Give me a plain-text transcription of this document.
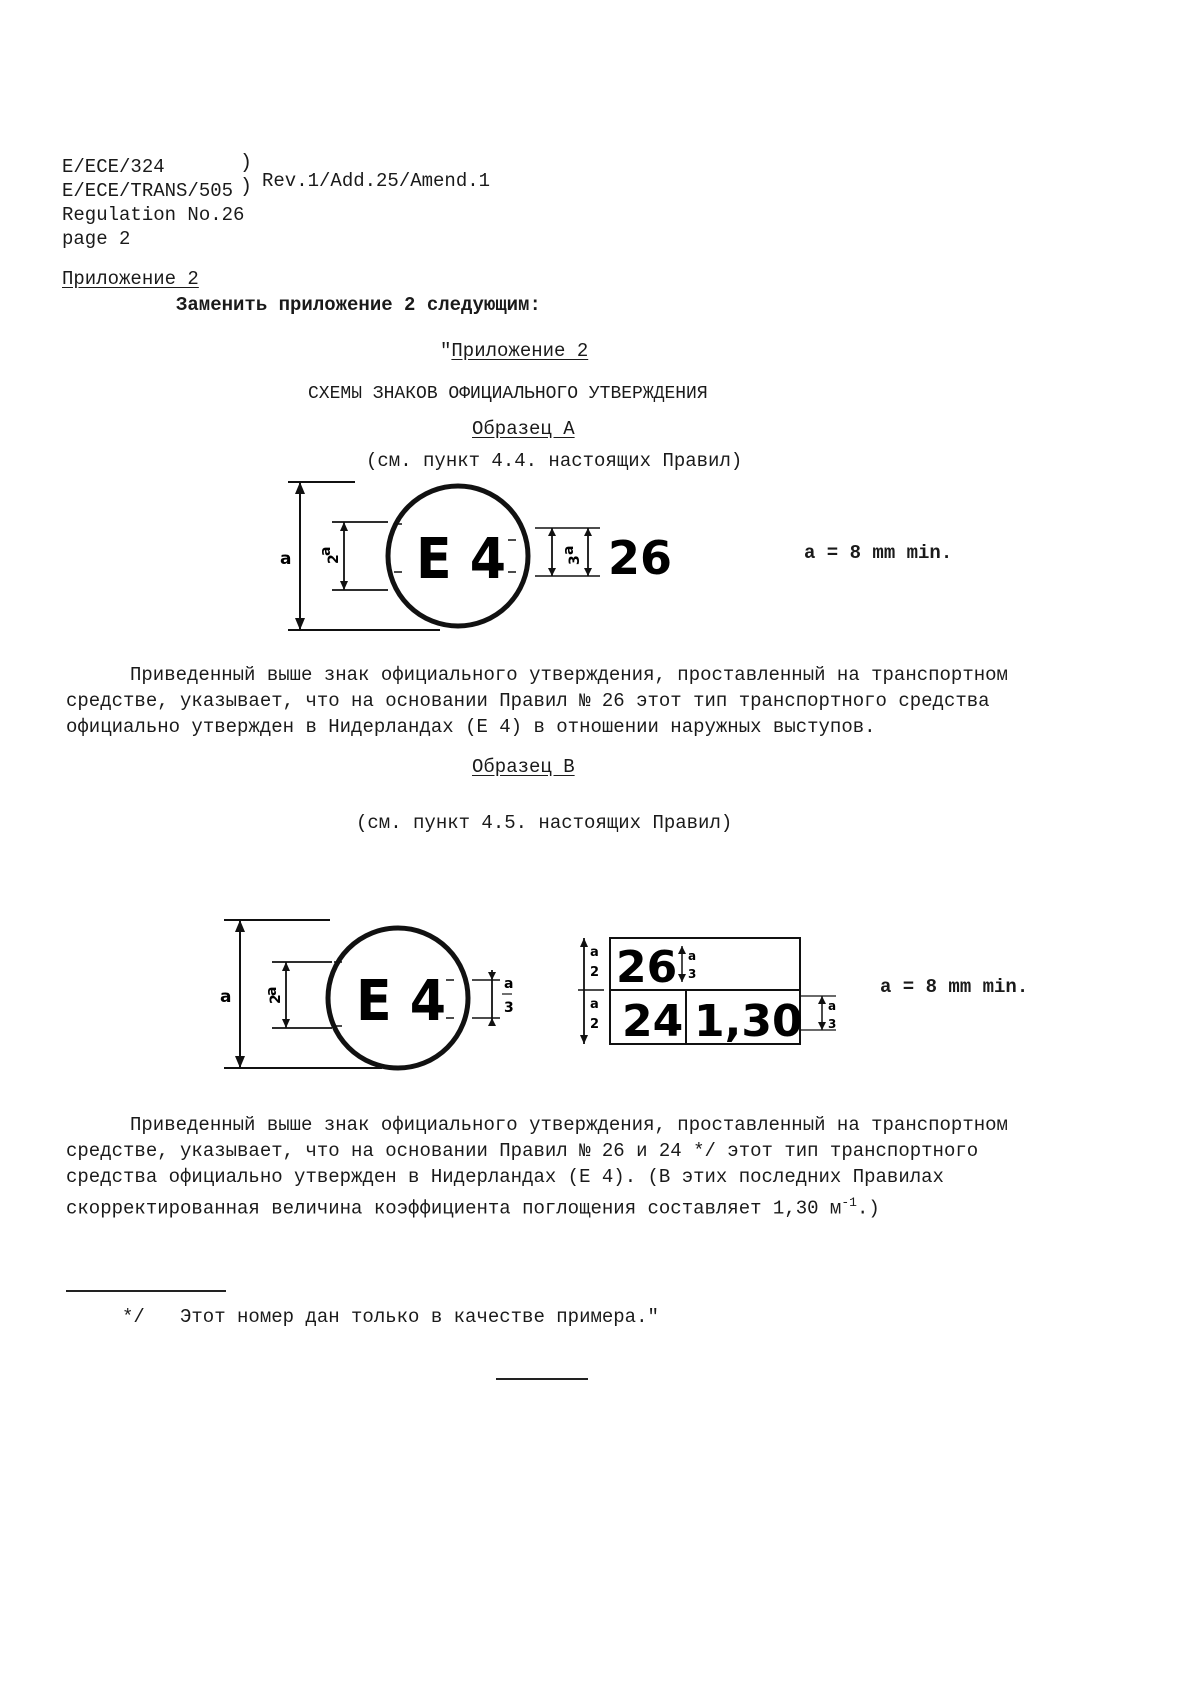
E/ECE/324
E/ECE/TRANS/505
)
) Rev.1/Add.25/Amend.1
Regulation No.26
page 2
Приложение 2
Заменить приложение 2 следующим:
"Приложение 2
СХЕМЫ ЗНАКОВ ОФИЦИАЛЬНОГО УТВЕРЖДЕНИЯ
Образец А
(см. пункт 4.4. настоящих Правил)
a a
2 E 4	a
3 26	a = 8 mm min.
Приведенный выше знак официального утверждения, проставленный на транспортном
средстве, указывает, что на основании Правил № 26 этот тип транспортного средства
официально утвержден в Нидерландах (Е 4) в отношении наружных выступов.
Образец В
(см. пункт 4.5. настоящих Правил)
a a
2 E 4	a
3
a
2
a
2
26 a
3
24 1,30 a
3
a = 8 mm min.
Приведенный выше знак официального утверждения, проставленный на транспортном
средстве, указывает, что на основании Правил № 26 и 24 */ этот тип транспортного
средства официально утвержден в Нидерландах (Е 4). (В этих последних Правилах
скорректированная величина коэффициента поглощения составляет 1,30 $м^{-1}$.)
*/ Этот номер дан только в качестве примера."
